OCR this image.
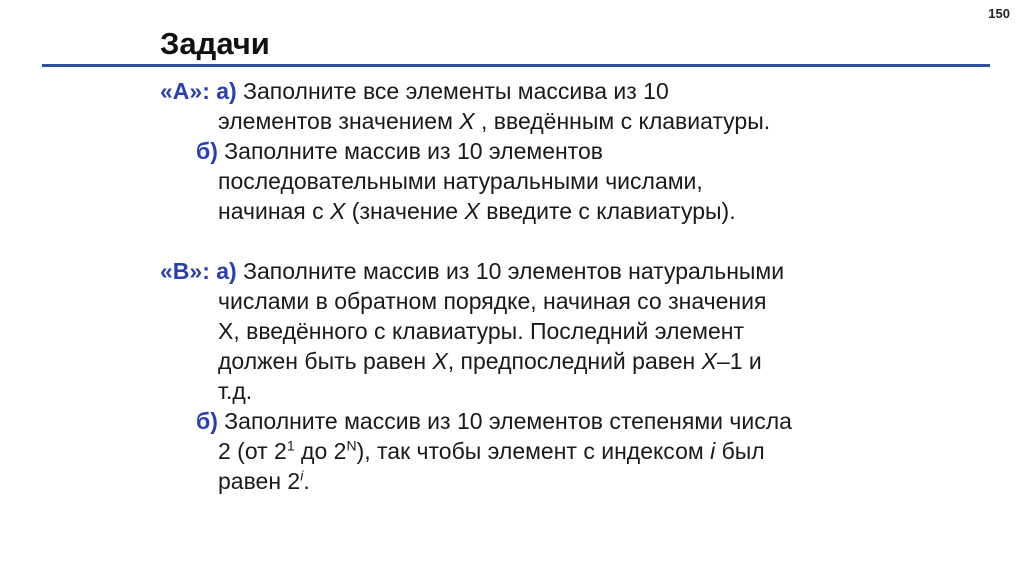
150
Задачи
«A»: а) Заполните все элементы массива из 10
элементов значением X , введённым с клавиатуры.
б) Заполните массив из 10 элементов
последовательными натуральными числами,
начиная с X (значение X введите с клавиатуры).
«B»: а) Заполните массив из 10 элементов натуральными
числами в обратном порядке, начиная со значения
X, введённого с клавиатуры. Последний элемент
должен быть равен X, предпоследний равен X–1 и
т.д.
б) Заполните массив из 10 элементов степенями числа
2 (от $2^1$ до $2^N$), так чтобы элемент с индексом i был
равен 2$^i$.
